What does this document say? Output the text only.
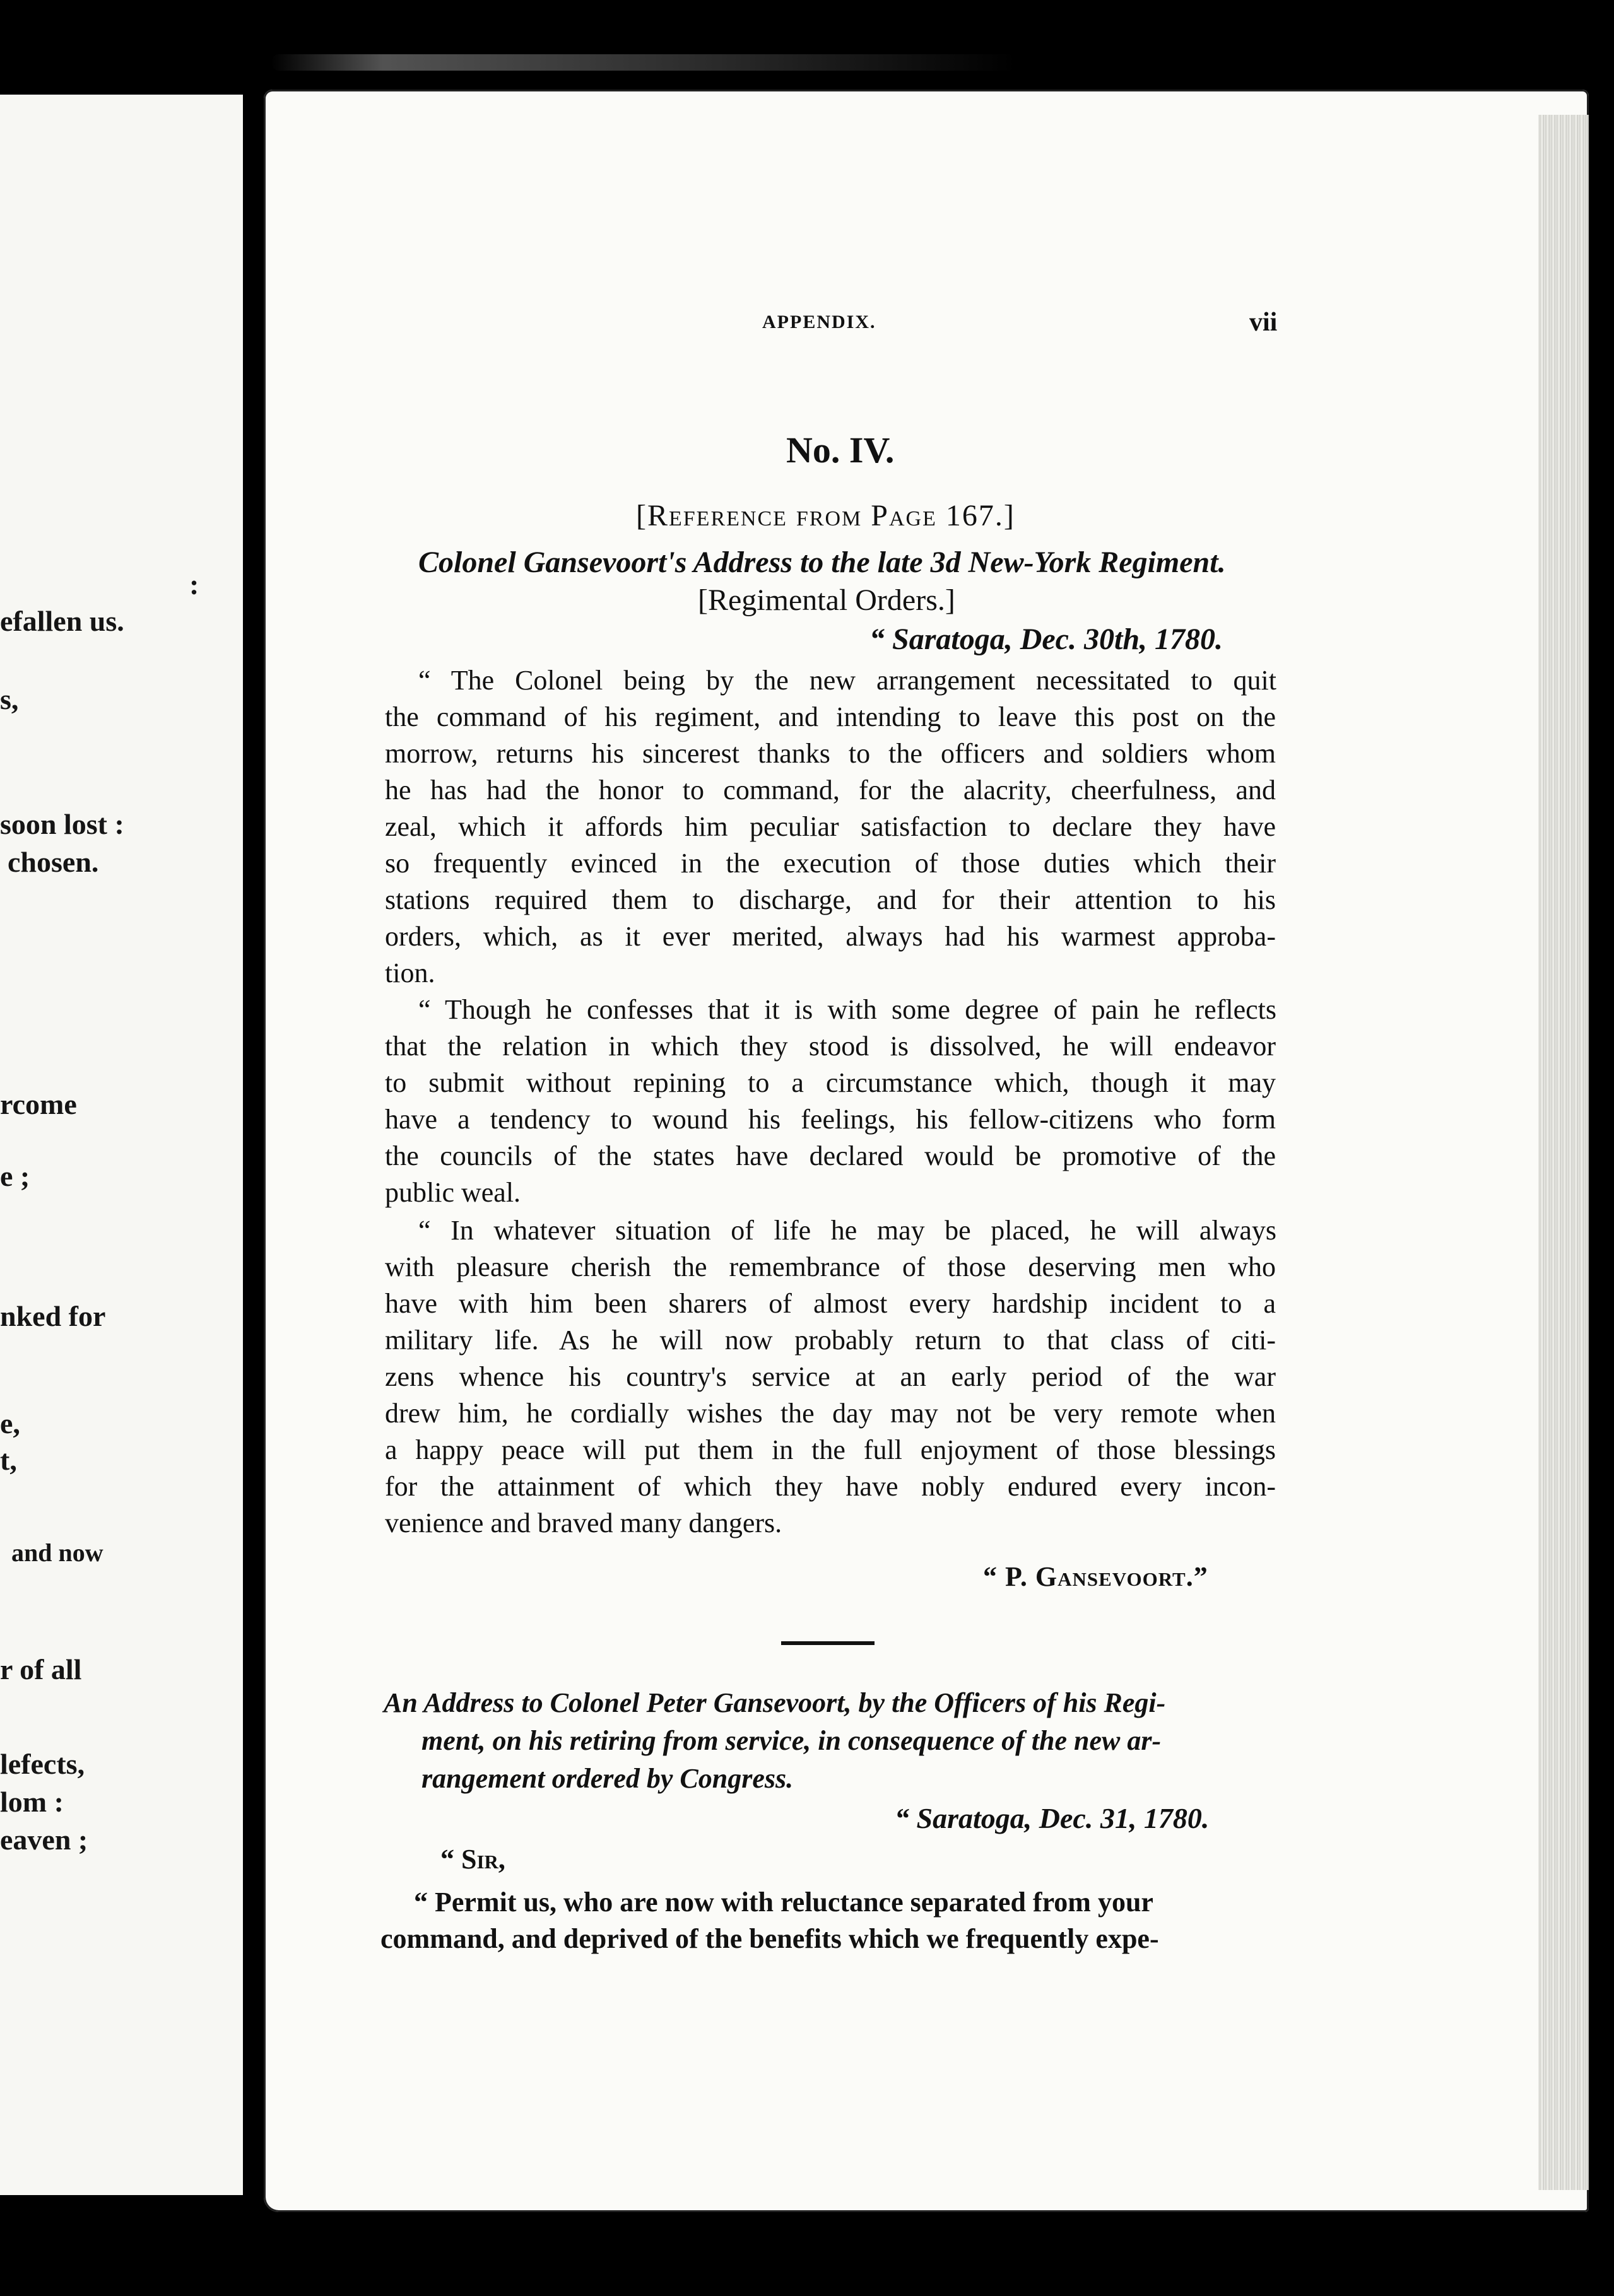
:
efallen us.
s,
soon lost :
chosen.
rcome
e ;
nked for
e,
t,
and now
r of all
lefects,
lom :
eaven ;
APPENDIX.	vii
No. IV.
[Reference from Page 167.]
Colonel Gansevoort's Address to the late 3d New-York Regiment.
[Regimental Orders.]
“ Saratoga, Dec. 30th, 1780.
“ The Colonel being by the new arrangement necessitated to quit
the command of his regiment, and intending to leave this post on the
morrow, returns his sincerest thanks to the officers and soldiers whom
he has had the honor to command, for the alacrity, cheerfulness, and
zeal, which it affords him peculiar satisfaction to declare they have
so frequently evinced in the execution of those duties which their
stations required them to discharge, and for their attention to his
orders, which, as it ever merited, always had his warmest approba-
tion.
“ Though he confesses that it is with some degree of pain he reflects
that the relation in which they stood is dissolved, he will endeavor
to submit without repining to a circumstance which, though it may
have a tendency to wound his feelings, his fellow-citizens who form
the councils of the states have declared would be promotive of the
public weal.
“ In whatever situation of life he may be placed, he will always
with pleasure cherish the remembrance of those deserving men who
have with him been sharers of almost every hardship incident to a
military life. As he will now probably return to that class of citi-
zens whence his country's service at an early period of the war
drew him, he cordially wishes the day may not be very remote when
a happy peace will put them in the full enjoyment of those blessings
for the attainment of which they have nobly endured every incon-
venience and braved many dangers.
“ P. Gansevoort.”
An Address to Colonel Peter Gansevoort, by the Officers of his Regi-
ment, on his retiring from service, in consequence of the new ar-
rangement ordered by Congress.
“ Saratoga, Dec. 31, 1780.
“ Sir,
“ Permit us, who are now with reluctance separated from your
command, and deprived of the benefits which we frequently expe-
